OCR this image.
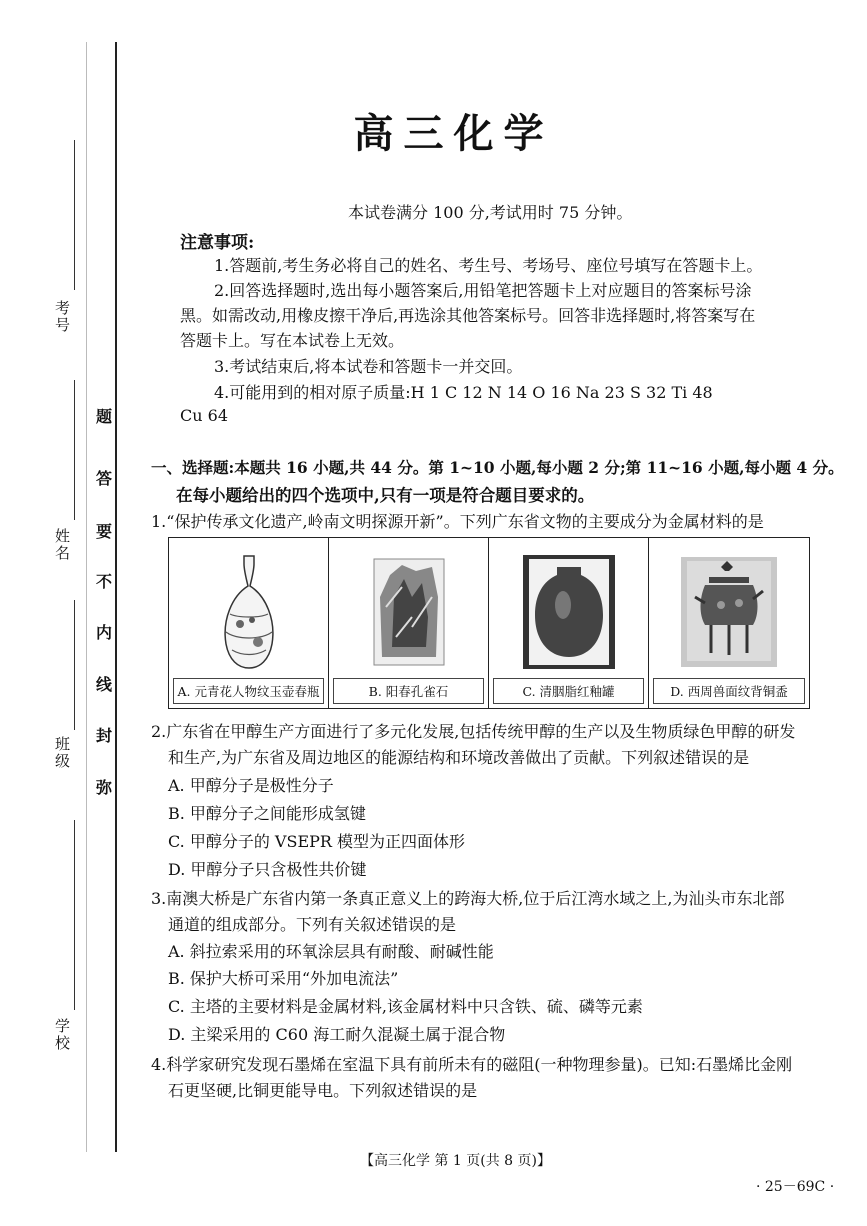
考号
姓名
班级
学校
题
答
要
不
内
线
封
弥
高三化学
本试卷满分 100 分,考试用时 75 分钟。
注意事项:
1.答题前,考生务必将自己的姓名、考生号、考场号、座位号填写在答题卡上。
2.回答选择题时,选出每小题答案后,用铅笔把答题卡上对应题目的答案标号涂
黑。如需改动,用橡皮擦干净后,再选涂其他答案标号。回答非选择题时,将答案写在
答题卡上。写在本试卷上无效。
3.考试结束后,将本试卷和答题卡一并交回。
4.可能用到的相对原子质量:H 1 C 12 N 14 O 16 Na 23 S 32 Ti 48
Cu 64
一、选择题:本题共 16 小题,共 44 分。第 1~10 小题,每小题 2 分;第 11~16 小题,每小题 4 分。
在每小题给出的四个选项中,只有一项是符合题目要求的。
1.“保护传承文化遗产,岭南文明探源开新”。下列广东省文物的主要成分为金属材料的是
A. 元青花人物纹玉壶春瓶	B. 阳春孔雀石	C. 清胭脂红釉罐	D. 西周兽面纹背铜盉
2.广东省在甲醇生产方面进行了多元化发展,包括传统甲醇的生产以及生物质绿色甲醇的研发
和生产,为广东省及周边地区的能源结构和环境改善做出了贡献。下列叙述错误的是
A. 甲醇分子是极性分子
B. 甲醇分子之间能形成氢键
C. 甲醇分子的 VSEPR 模型为正四面体形
D. 甲醇分子只含极性共价键
3.南澳大桥是广东省内第一条真正意义上的跨海大桥,位于后江湾水域之上,为汕头市东北部
通道的组成部分。下列有关叙述错误的是
A. 斜拉索采用的环氧涂层具有耐酸、耐碱性能
B. 保护大桥可采用“外加电流法”
C. 主塔的主要材料是金属材料,该金属材料中只含铁、硫、磷等元素
D. 主梁采用的 C60 海工耐久混凝土属于混合物
4.科学家研究发现石墨烯在室温下具有前所未有的磁阻(一种物理参量)。已知:石墨烯比金刚
石更坚硬,比铜更能导电。下列叙述错误的是
【高三化学 第 1 页(共 8 页)】
· 25－69C ·
